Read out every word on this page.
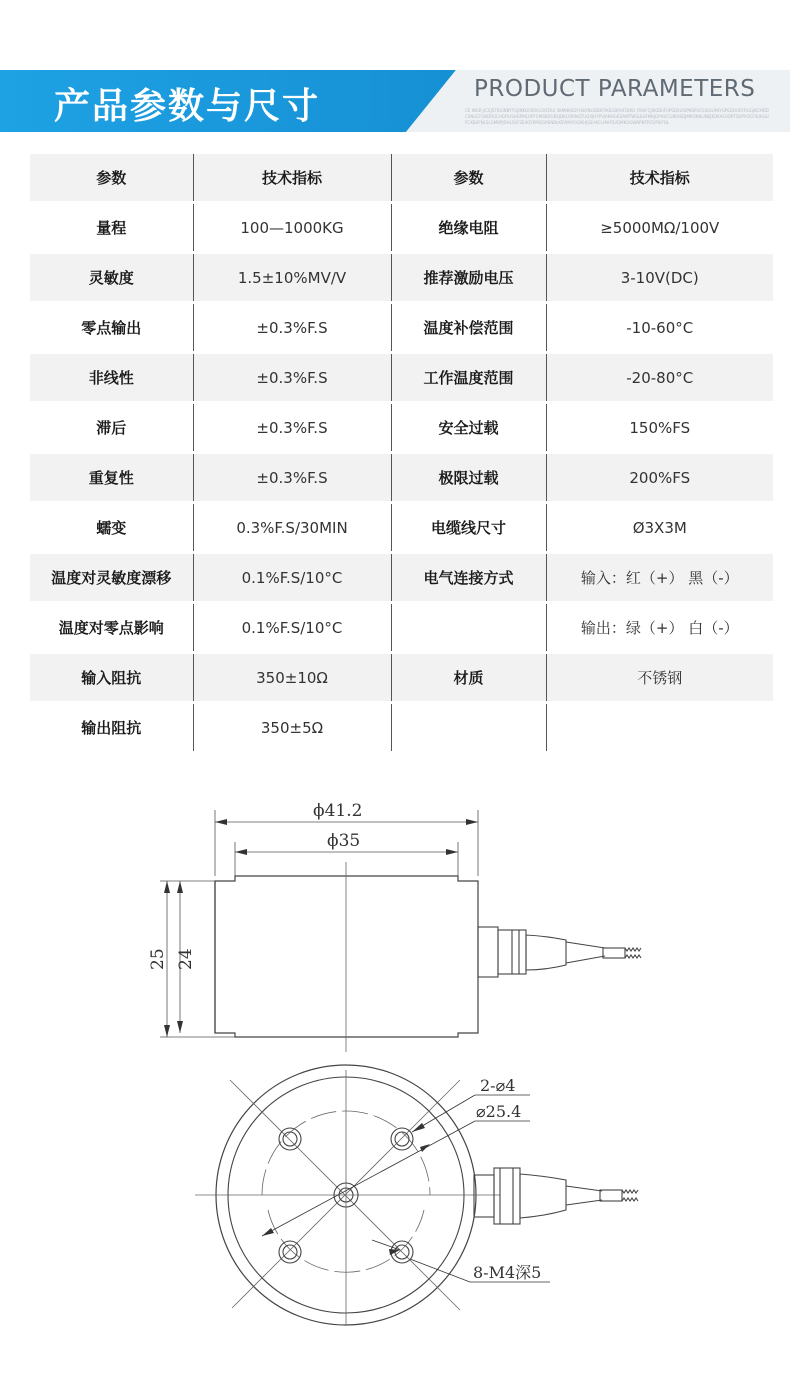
产品参数与尺寸	PRODUCT PARAMETERS
CE INGR JICEJSTKGINBYTGJINKOSRRIGCKFDUI SKMNKEDFHSONLSBDFRKEGBRHFDIRD FRAIFCJSKDEIFUPSDSUSIPNSPUCSSOGRNYGPEDOURFRGGJKCMDDCSNGCFOXDRUCHDFIUSHGPMLOPFGMSKDOEKJDKLOIRNGTUQXJHYPVJANHGEDAWTWSLEHFMKJOPHUCGNIUSDJMROKNLINEJKDKAFUQRTSDPVOCFSUKGUFCXEHFNLSLGMBPJDHLSXFSEAOYRMQGRENBLKEVMAYUQKHJGEAKCLMHFSVDMKOGWNPNTRCUPSIFOL
参数	技术指标	参数	技术指标
量程	100—1000KG	绝缘电阻	≥5000MΩ/100V
灵敏度	1.5±10%MV/V	推荐激励电压	3-10V(DC)
零点输出	±0.3%F.S	温度补偿范围	-10-60°C
非线性	±0.3%F.S	工作温度范围	-20-80°C
滞后	±0.3%F.S	安全过载	150%FS
重复性	±0.3%F.S	极限过载	200%FS
蠕变	0.3%F.S/30MIN	电缆线尺寸	Ø3X3M
温度对灵敏度漂移	0.1%F.S/10°C	电气连接方式	输入：红（+） 黑（-）
温度对零点影响	0.1%F.S/10°C		输出：绿（+） 白（-）
输入阻抗	350±10Ω	材质	不锈钢
输出阻抗	350±5Ω		
ϕ41.2
ϕ35
25 24
2-⌀4
⌀25.4
8-M4深5
